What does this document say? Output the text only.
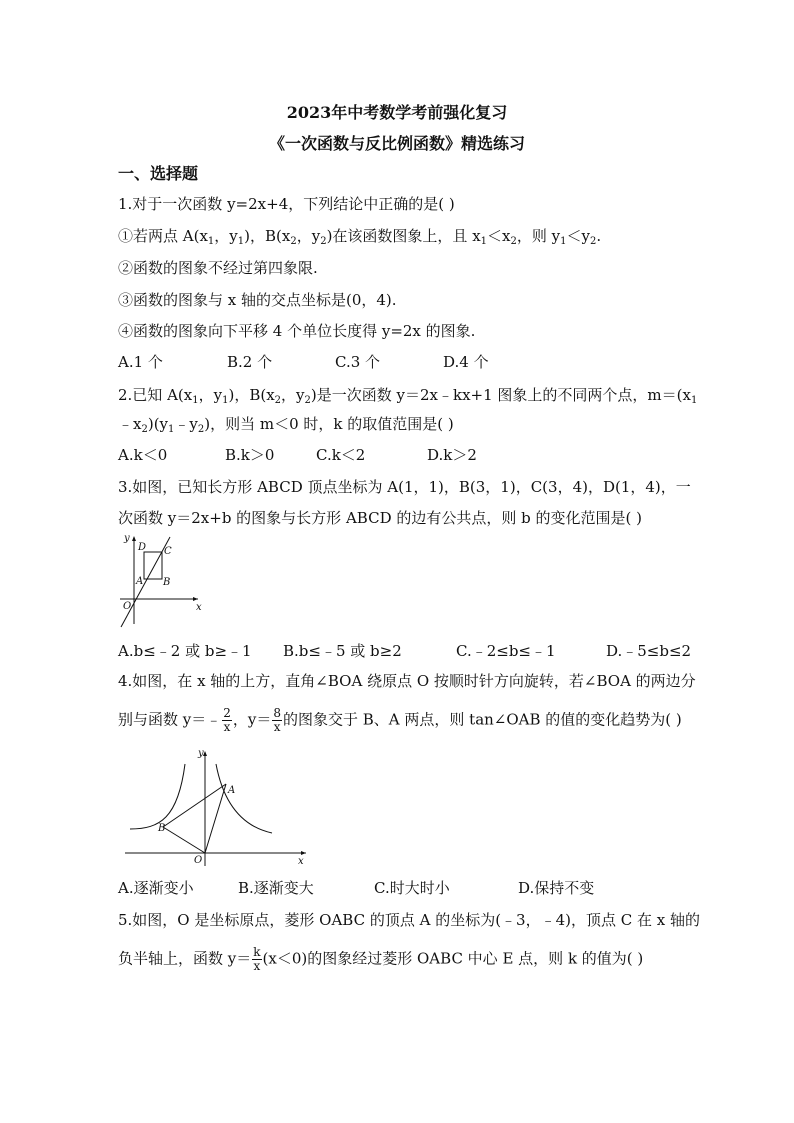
2023年中考数学考前强化复习
《一次函数与反比例函数》精选练习
一、选择题
1.对于一次函数 y=2x+4，下列结论中正确的是( )
①若两点 $A(x_1$，$y_1$)，$B(x_2$，$y_2$)在该函数图象上，且 $x_1<x_2$，则 $y_1<y_2$.
②函数的图象不经过第四象限.
③函数的图象与 x 轴的交点坐标是(0，4).
④函数的图象向下平移 4 个单位长度得 y=2x 的图象.
A.1 个	B.2 个	C.3 个	D.4 个
2.已知 $A(x_1$，$y_1$)，$B(x_2$，$y_2$)是一次函数 y＝2x﹣kx+1 图象上的不同两个点，$m=(x_1$
$﹣x_2)(y_1﹣y_2)$，则当 m＜0 时，k 的取值范围是( )
A.k＜0	B.k＞0	C.k＜2	D.k＞2
3.如图，已知长方形 ABCD 顶点坐标为 A(1，1)，B(3，1)，C(3，4)，D(1，4)，一
次函数 y＝2x+b 的图象与长方形 ABCD 的边有公共点，则 b 的变化范围是( )
y
x
O
A B
C
D
A.b≤﹣2 或 b≥﹣1 B.b≤﹣5 或 b≥2	C.﹣2≤b≤﹣1	D.﹣5≤b≤2
4.如图，在 x 轴的上方，直角∠BOA 绕原点 O 按顺时针方向旋转，若∠BOA 的两边分
别与函数 y＝﹣ $\frac{2}{x}$ ，$y= \frac{8}{x}$ 的图象交于 B、A 两点，则 tan∠OAB 的值的变化趋势为( )
y
x
O
A
B
A.逐渐变小	B.逐渐变大	C.时大时小	D.保持不变
5.如图，O 是坐标原点，菱形 OABC 的顶点 A 的坐标为(﹣3，﹣4)，顶点 C 在 x 轴的
负半轴上，函数 $y= \frac{k}{x} (x<0)$的图象经过菱形 OABC 中心 E 点，则 k 的值为( )
